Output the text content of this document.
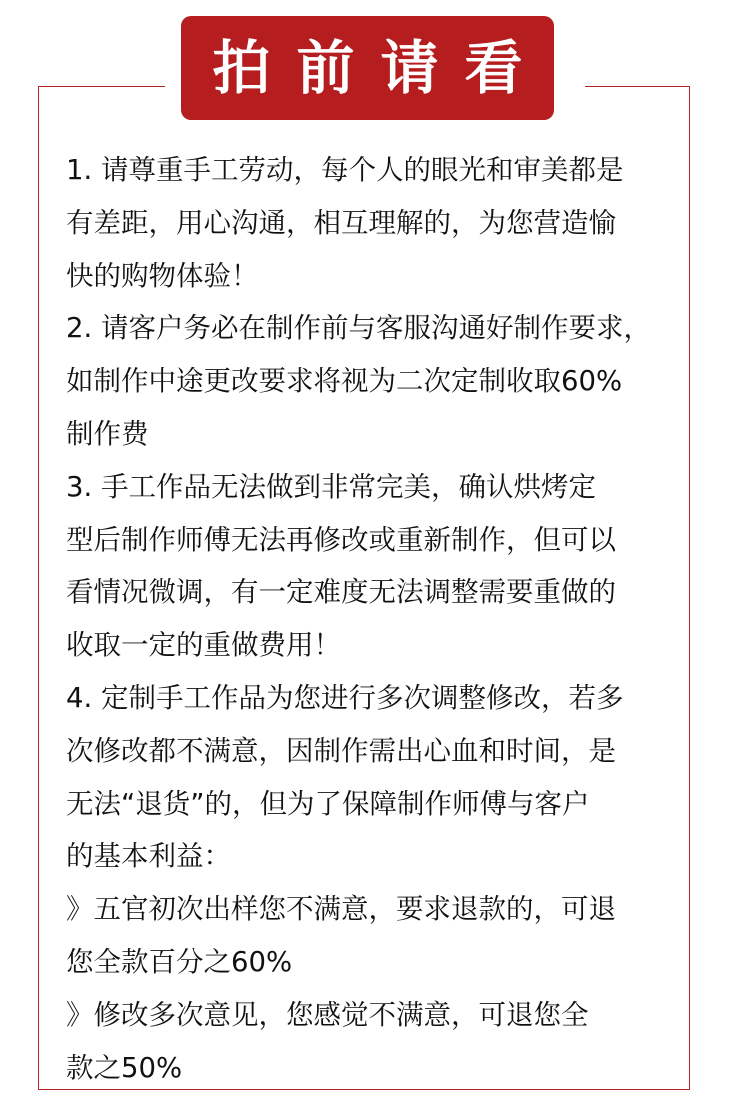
拍前请看
1. 请尊重手工劳动，每个人的眼光和审美都是
有差距，用心沟通，相互理解的，为您营造愉
快的购物体验！
2. 请客户务必在制作前与客服沟通好制作要求，
如制作中途更改要求将视为二次定制收取60%
制作费
3. 手工作品无法做到非常完美，确认烘烤定
型后制作师傅无法再修改或重新制作，但可以
看情况微调，有一定难度无法调整需要重做的
收取一定的重做费用！
4. 定制手工作品为您进行多次调整修改，若多
次修改都不满意，因制作需出心血和时间，是
无法“退货”的，但为了保障制作师傅与客户
的基本利益：
》五官初次出样您不满意，要求退款的，可退
您全款百分之60%
》修改多次意见，您感觉不满意，可退您全
款之50%
